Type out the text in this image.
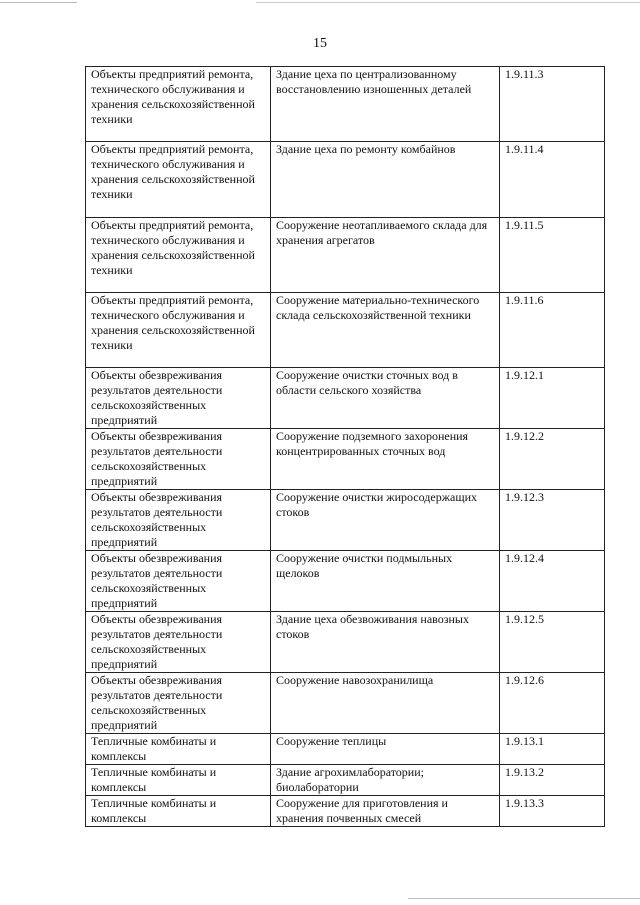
15
Объекты предприятий ремонта, технического обслуживания и хранения сельскохозяйственной техники	Здание цеха по централизованному восстановлению изношенных деталей	1.9.11.3
Объекты предприятий ремонта, технического обслуживания и хранения сельскохозяйственной техники	Здание цеха по ремонту комбайнов	1.9.11.4
Объекты предприятий ремонта, технического обслуживания и хранения сельскохозяйственной техники	Сооружение неотапливаемого склада для хранения агрегатов	1.9.11.5
Объекты предприятий ремонта, технического обслуживания и хранения сельскохозяйственной техники	Сооружение материально-технического склада сельскохозяйственной техники	1.9.11.6
Объекты обезвреживания результатов деятельности сельскохозяйственных предприятий	Сооружение очистки сточных вод в области сельского хозяйства	1.9.12.1
Объекты обезвреживания результатов деятельности сельскохозяйственных предприятий	Сооружение подземного захоронения концентрированных сточных вод	1.9.12.2
Объекты обезвреживания результатов деятельности сельскохозяйственных предприятий	Сооружение очистки жиросодержащих стоков	1.9.12.3
Объекты обезвреживания результатов деятельности сельскохозяйственных предприятий	Сооружение очистки подмыльных щелоков	1.9.12.4
Объекты обезвреживания результатов деятельности сельскохозяйственных предприятий	Здание цеха обезвоживания навозных стоков	1.9.12.5
Объекты обезвреживания результатов деятельности сельскохозяйственных предприятий	Сооружение навозохранилища	1.9.12.6
Тепличные комбинаты и комплексы	Сооружение теплицы	1.9.13.1
Тепличные комбинаты и комплексы	Здание агрохимлаборатории; биолаборатории	1.9.13.2
Тепличные комбинаты и комплексы	Сооружение для приготовления и хранения почвенных смесей	1.9.13.3
